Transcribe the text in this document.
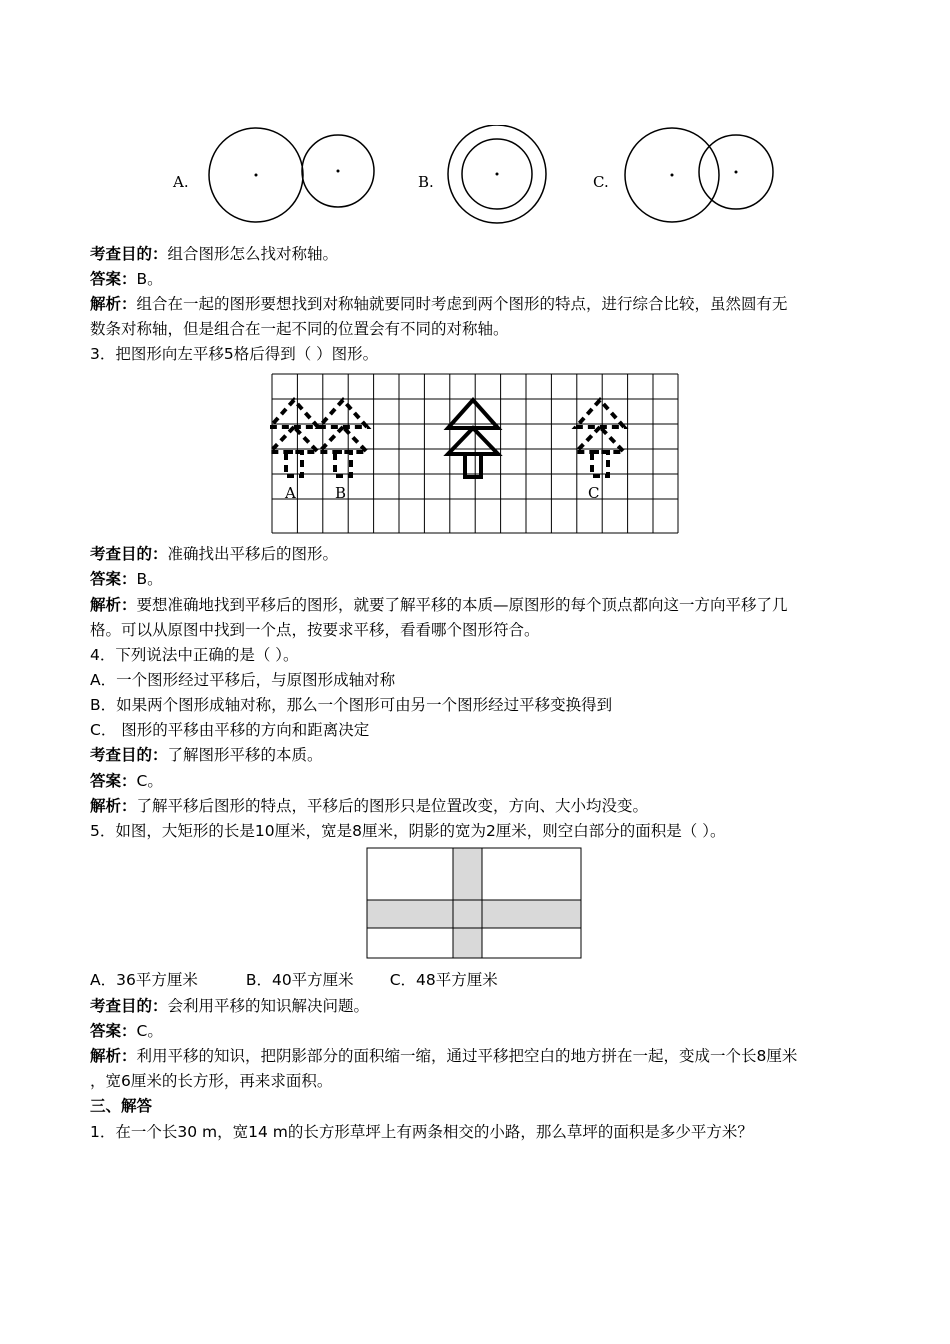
A.	B.	C.
考查目的：组合图形怎么找对称轴。
答案：B。
解析：组合在一起的图形要想找到对称轴就要同时考虑到两个图形的特点，进行综合比较，虽然圆有无
数条对称轴，但是组合在一起不同的位置会有不同的对称轴。
3．把图形向左平移5格后得到（ ）图形。
A	B	C
考查目的：准确找出平移后的图形。
答案：B。
解析：要想准确地找到平移后的图形，就要了解平移的本质—原图形的每个顶点都向这一方向平移了几
格。可以从原图中找到一个点，按要求平移，看看哪个图形符合。
4．下列说法中正确的是（ ）。
A．一个图形经过平移后，与原图形成轴对称
B．如果两个图形成轴对称，那么一个图形可由另一个图形经过平移变换得到
C． 图形的平移由平移的方向和距离决定
考查目的：了解图形平移的本质。
答案：C。
解析：了解平移后图形的特点，平移后的图形只是位置改变，方向、大小均没变。
5．如图，大矩形的长是10厘米，宽是8厘米，阴影的宽为2厘米，则空白部分的面积是（ ）。
A．36平方厘米	B．40平方厘米 C．48平方厘米
考查目的：会利用平移的知识解决问题。
答案：C。
解析：利用平移的知识，把阴影部分的面积缩一缩，通过平移把空白的地方拼在一起，变成一个长8厘米
，宽6厘米的长方形，再来求面积。
三、解答
1．在一个长30 m，宽14 m的长方形草坪上有两条相交的小路，那么草坪的面积是多少平方米？
